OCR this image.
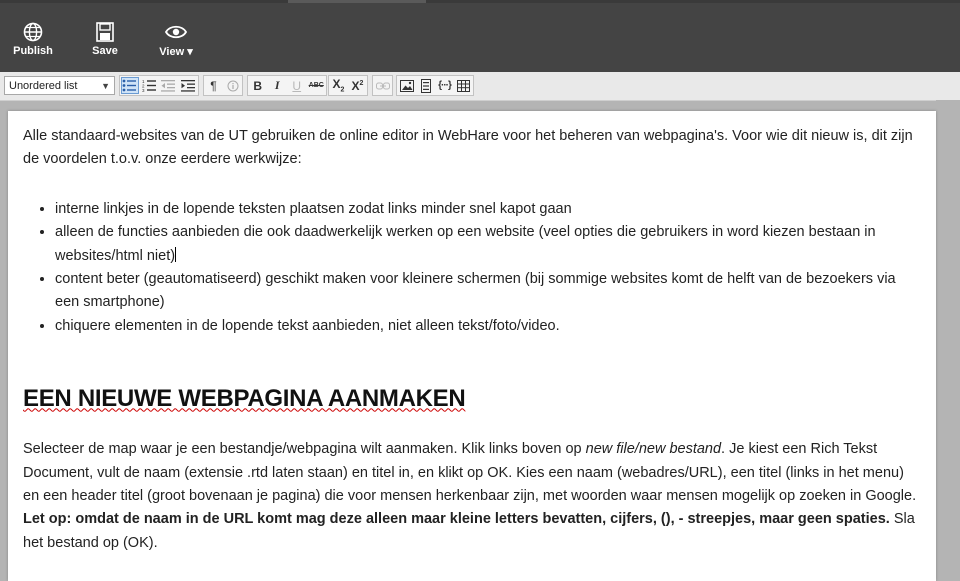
Publish	Save	View ▾
Unordered list	▼	1
2
3	¶	B I U ABC $X_2$ $X^2$	{···}

Alle standaard-websites van de UT gebruiken de online editor in WebHare voor het beheren van webpagina's. Voor wie dit nieuw is, dit zijn de voordelen t.o.v. onze eerdere werkwijze:

• interne linkjes in de lopende teksten plaatsen zodat links minder snel kapot gaan
• alleen de functies aanbieden die ook daadwerkelijk werken op een website (veel opties die gebruikers in word kiezen bestaan in websites/html niet)
• content beter (geautomatiseerd) geschikt maken voor kleinere schermen (bij sommige websites komt de helft van de bezoekers via een smartphone)
• chiquere elementen in de lopende tekst aanbieden, niet alleen tekst/foto/video.
EEN NIEUWE WEBPAGINA AANMAKEN

Selecteer de map waar je een bestandje/webpagina wilt aanmaken. Klik links boven op new file/new bestand. Je kiest een Rich Tekst Document, vult de naam (extensie .rtd laten staan) en titel in, en klikt op OK. Kies een naam (webadres/URL), een titel (links in het menu) en een header titel (groot bovenaan je pagina) die voor mensen herkenbaar zijn, met woorden waar mensen mogelijk op zoeken in Google. Let op: omdat de naam in de URL komt mag deze alleen maar kleine letters bevatten, cijfers, (), - streepjes, maar geen spaties. Sla het bestand op (OK).
